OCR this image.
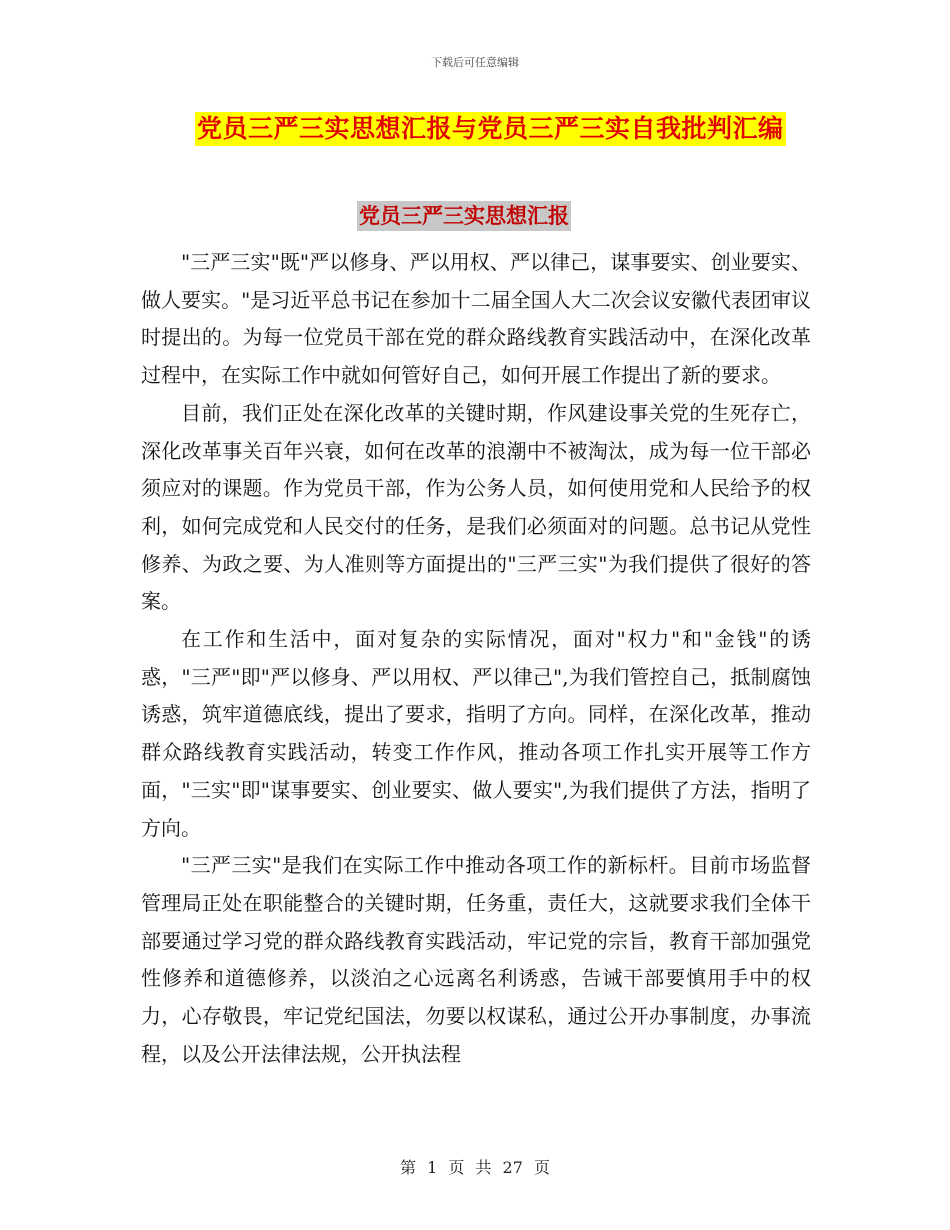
下载后可任意编辑
党员三严三实思想汇报与党员三严三实自我批判汇编
党员三严三实思想汇报

"三严三实"既"严以修身、严以用权、严以律己，谋事要实、创业要实、做人要实。"是习近平总书记在参加十二届全国人大二次会议安徽代表团审议时提出的。为每一位党员干部在党的群众路线教育实践活动中，在深化改革过程中，在实际工作中就如何管好自己，如何开展工作提出了新的要求。

目前，我们正处在深化改革的关键时期，作风建设事关党的生死存亡，深化改革事关百年兴衰，如何在改革的浪潮中不被淘汰，成为每一位干部必须应对的课题。作为党员干部，作为公务人员，如何使用党和人民给予的权利，如何完成党和人民交付的任务，是我们必须面对的问题。总书记从党性修养、为政之要、为人准则等方面提出的"三严三实"为我们提供了很好的答案。

在工作和生活中，面对复杂的实际情况，面对"权力"和"金钱"的诱惑，"三严"即"严以修身、严以用权、严以律己",为我们管控自己，抵制腐蚀诱惑，筑牢道德底线，提出了要求，指明了方向。同样，在深化改革，推动群众路线教育实践活动，转变工作作风，推动各项工作扎实开展等工作方面，"三实"即"谋事要实、创业要实、做人要实",为我们提供了方法，指明了方向。

"三严三实"是我们在实际工作中推动各项工作的新标杆。目前市场监督管理局正处在职能整合的关键时期，任务重，责任大，这就要求我们全体干部要通过学习党的群众路线教育实践活动，牢记党的宗旨，教育干部加强党性修养和道德修养，以淡泊之心远离名利诱惑，告诫干部要慎用手中的权力，心存敬畏，牢记党纪国法，勿要以权谋私，通过公开办事制度，办事流程，以及公开法律法规，公开执法程

第 1 页 共 27 页
